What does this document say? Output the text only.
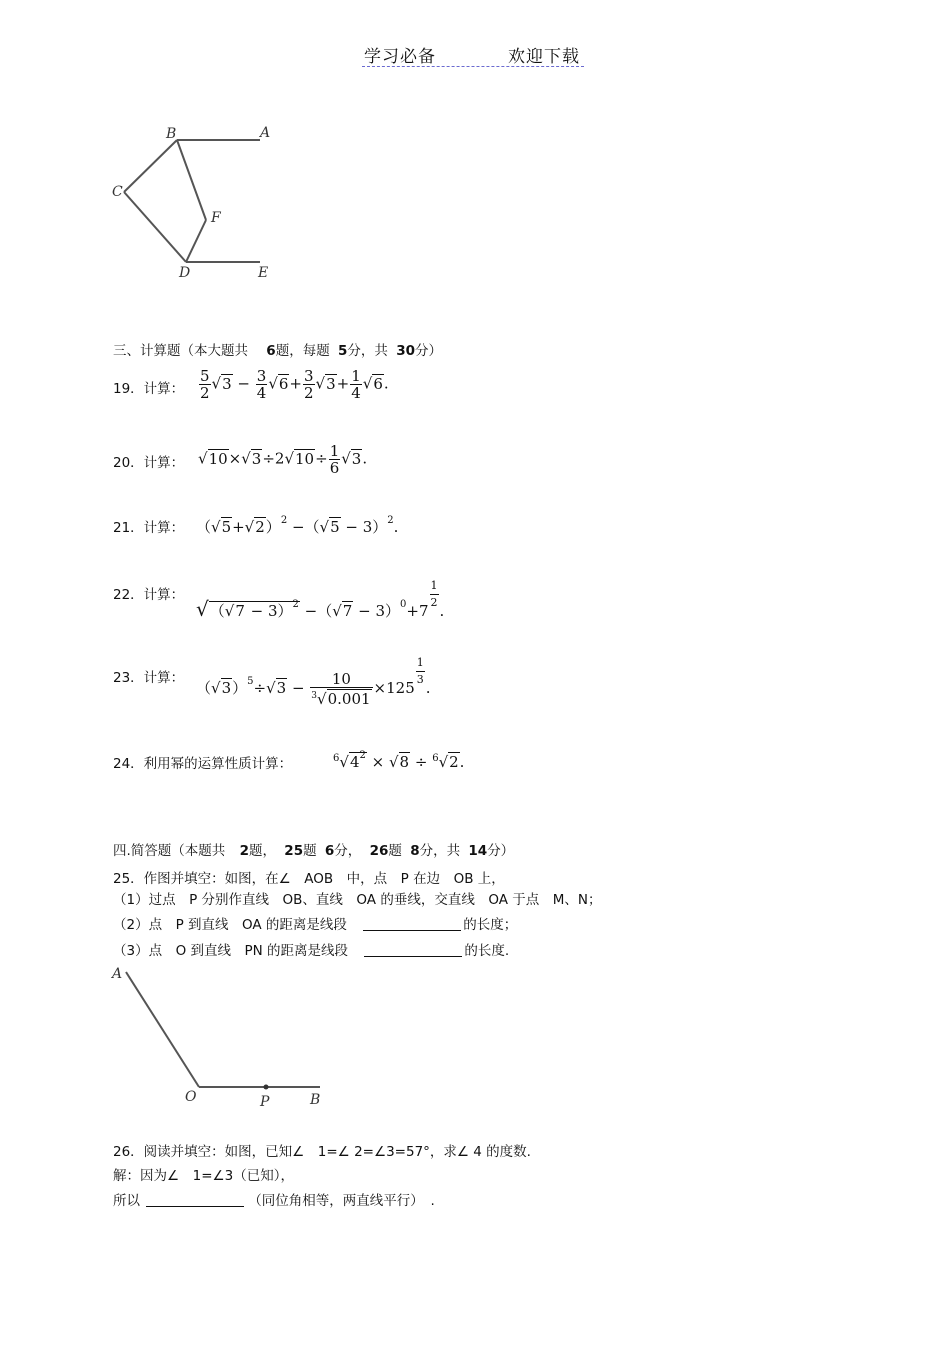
学习必备	欢迎下载
B	A
C
F
D	E
三、计算题（本大题共 6题，每题 5分，共 30分）
19．计算： $\frac{5}{2} √3 - \frac{3}{4} √6+ \frac{3}{2} √3+ \frac{1}{4} √6$.
20．计算： $√10\times√3\div 2√10\div \frac{1}{6} √3$.
21．计算： $(√5+√2)^2 -(√5 - 3)^2$.
22．计算：
$√(√7 - 3)^2 -(√7 - 3)^0+7 \frac{1}{2}$ .
23．计算：
$(√3)^5\div√3 - \frac{10}{^3√0.001} \times 125 \frac{1}{3}$ .
24．利用幂的运算性质计算：	$^6√4^2 \times √8 \div ^6√2$.
四.简答题（本题共 2题， 25题 6分， 26题 8分，共 14分）
25．作图并填空：如图，在∠　AOB　中，点　P 在边　OB 上，
（1）过点　P 分别作直线　OB、直线　OA 的垂线，交直线　OA 于点　M、N；
（2）点　P 到直线　OA 的距离是线段	的长度；
（3）点　O 到直线　PN 的距离是线段	的长度.
A
O	P	B
26．阅读并填空：如图，已知∠　1=∠ 2=∠3=57°，求∠ 4 的度数.
解：因为∠　1=∠3（已知），
所以	（同位角相等，两直线平行）　.
